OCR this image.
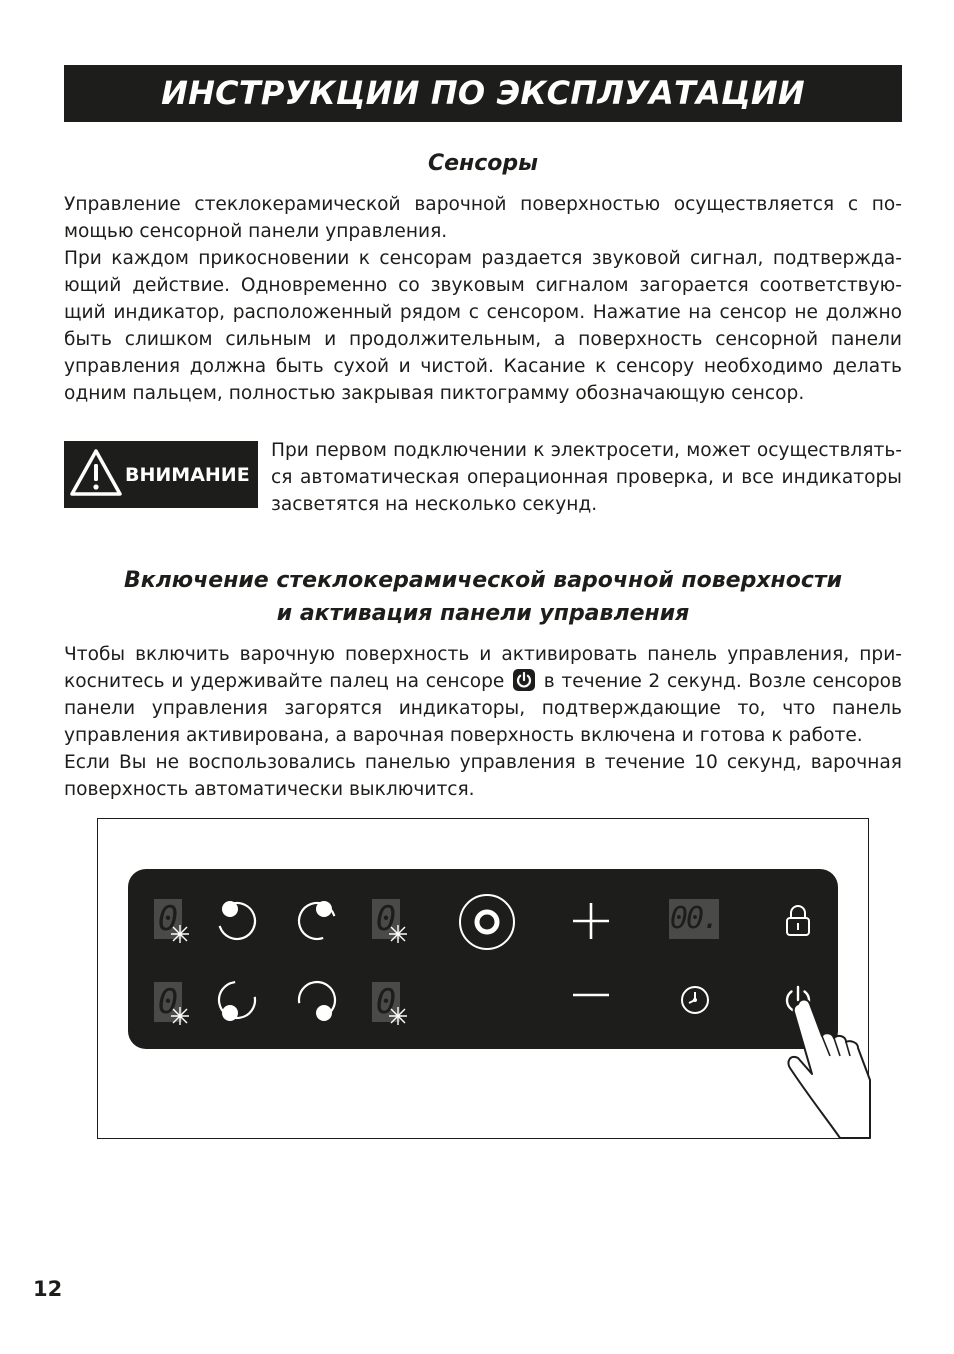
ИНСТРУКЦИИ ПО ЭКСПЛУАТАЦИИ
Сенсоры

Управление стеклокерамической варочной поверхностью осуществляется с помощью сенсорной панели управления.

При каждом прикосновении к сенсорам раздается звуковой сигнал, подтверждающий действие. Одновременно со звуковым сигналом загорается соответствующий индикатор, расположенный рядом с сенсором. Нажатие на сенсор не должно быть слишком сильным и продолжительным, а поверхность сенсорной панели управления должна быть сухой и чистой. Касание к сенсору необходимо делать одним пальцем, полностью закрывая пиктограмму обозначающую сенсор.

ВНИМАНИЕ

При первом подключении к электросети, может осуществляться автоматическая операционная проверка, и все индикаторы засветятся на несколько секунд.

Включение стеклокерамической варочной поверхности
и активация панели управления

Чтобы включить варочную поверхность и активировать панель управления, прикоснитесь и удерживайте палец на сенсоре в течение 2 секунд. Возле сенсоров панели управления загорятся индикаторы, подтверждающие то, что панель управления активирована, а варочная поверхность включена и готова к работе.

Если Вы не воспользовались панелью управления в течение 10 секунд, варочная поверхность автоматически выключится.

0	0
0	0
00.
12
